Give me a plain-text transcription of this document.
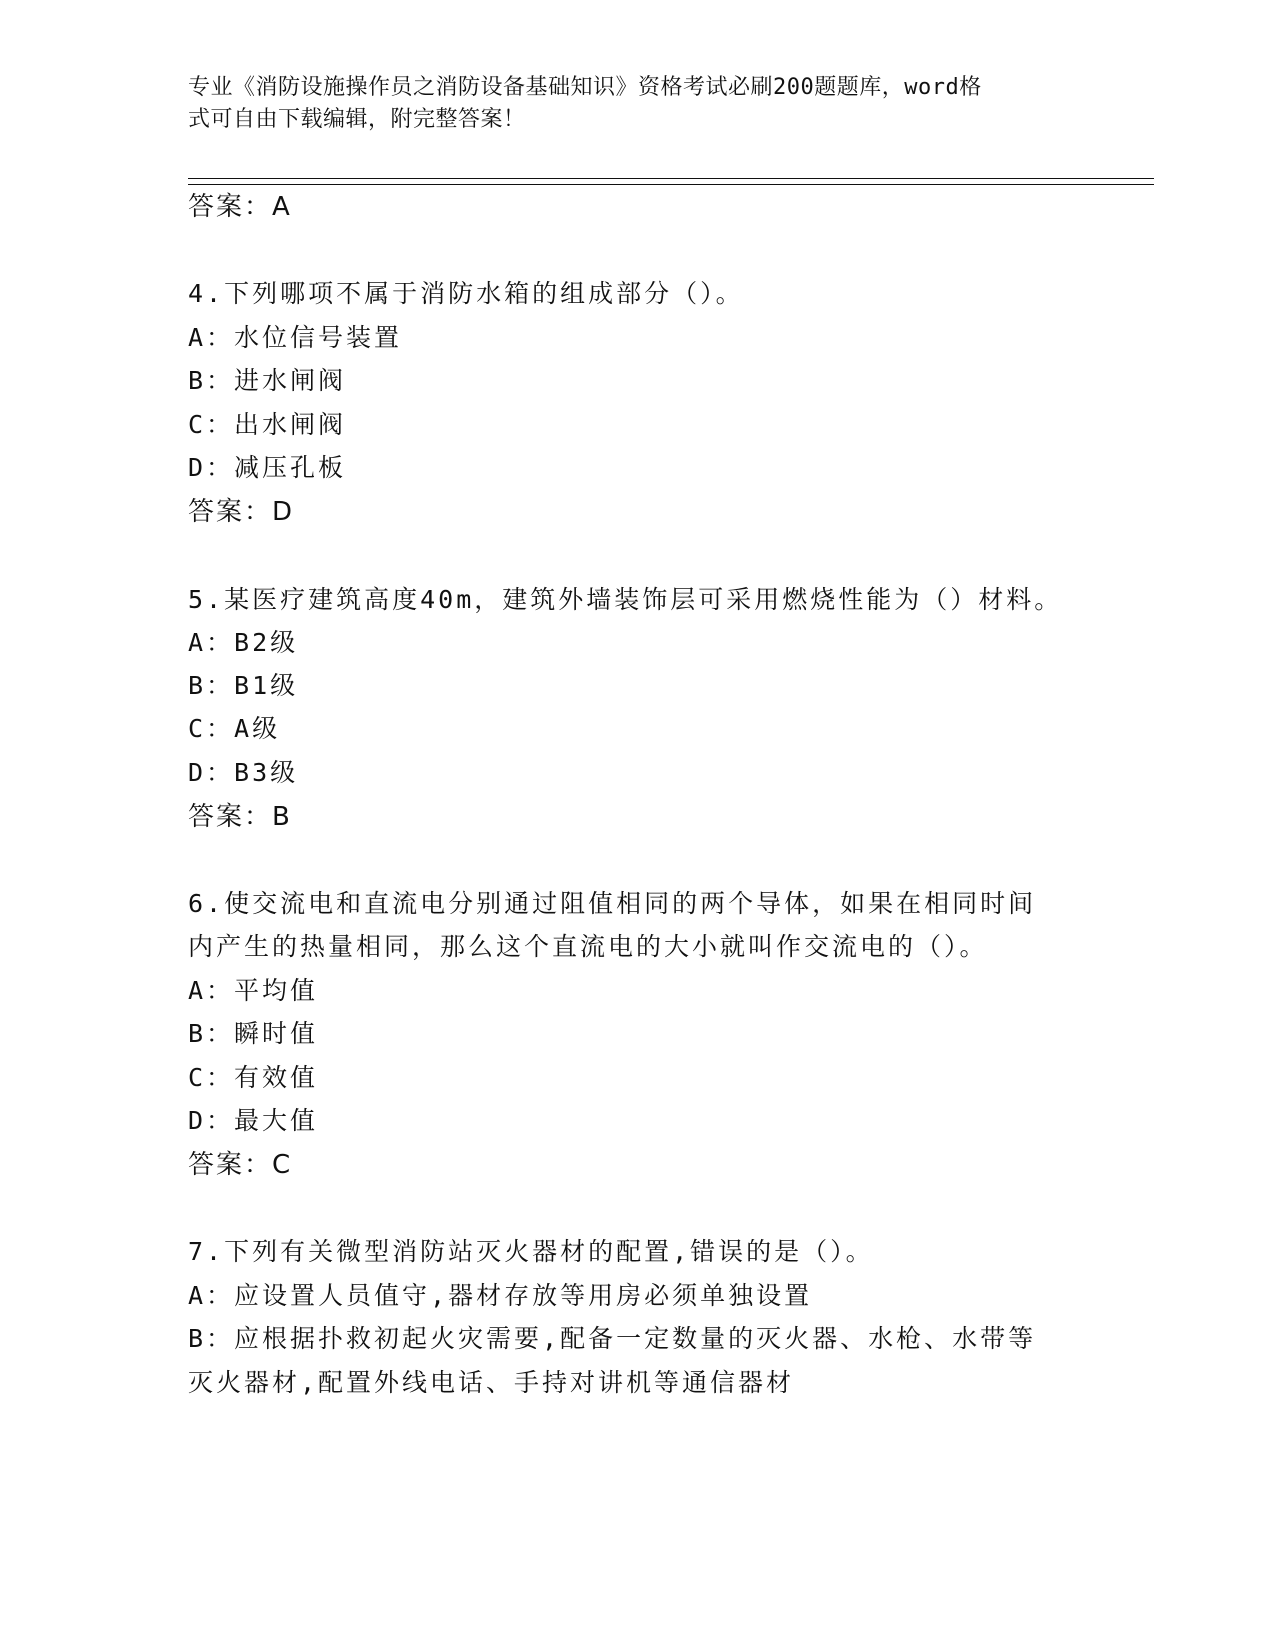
专业《消防设施操作员之消防设备基础知识》资格考试必刷200题题库，word格
式可自由下载编辑，附完整答案！
答案：A
4.下列哪项不属于消防水箱的组成部分（）。
A：水位信号装置
B：进水闸阀
C：出水闸阀
D：减压孔板
答案：D
5.某医疗建筑高度40m，建筑外墙装饰层可采用燃烧性能为（）材料。
A：B2级
B：B1级
C：A级
D：B3级
答案：B
6.使交流电和直流电分别通过阻值相同的两个导体，如果在相同时间
内产生的热量相同，那么这个直流电的大小就叫作交流电的（）。
A：平均值
B：瞬时值
C：有效值
D：最大值
答案：C
7.下列有关微型消防站灭火器材的配置,错误的是（）。
A：应设置人员值守,器材存放等用房必须单独设置
B：应根据扑救初起火灾需要,配备一定数量的灭火器、水枪、水带等
灭火器材,配置外线电话、手持对讲机等通信器材
